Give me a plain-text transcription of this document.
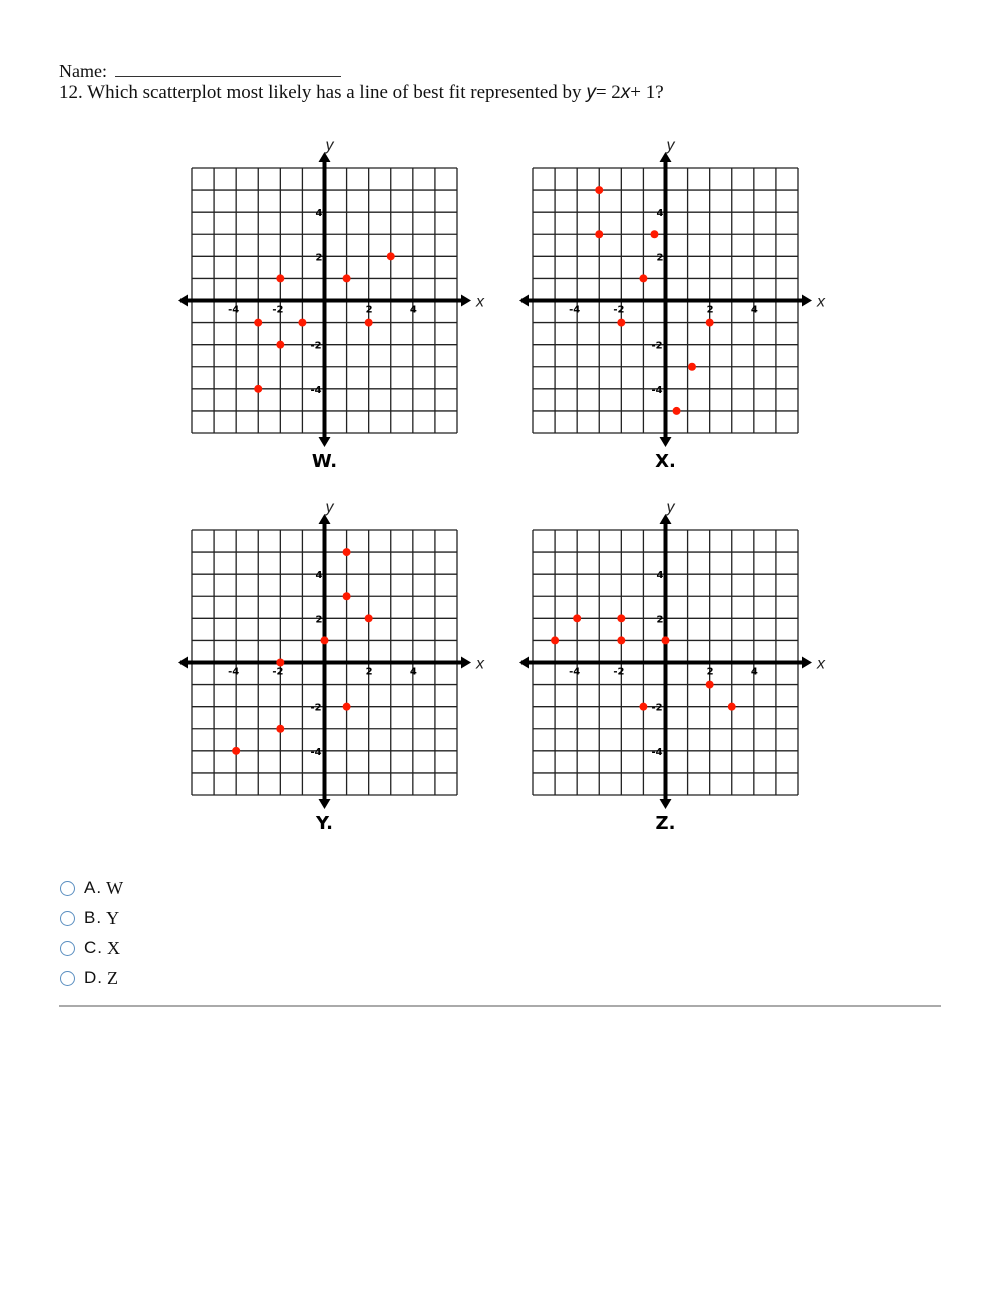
Name:
12. Which scatterplot most likely has a line of best fit represented by y= 2x+ 1?
x
y
-4	-2	2	4
4
2
-2
-4
W.
x
y
-4	-2	2	4
4
2
-2
-4
X.
x
y
-4	-2	2	4
4
2
-2
-4
Y.
x
y
-4	-2	2	4
4
2
-2
-4
Z.
A. W
B. Y
C. X
D. Z
